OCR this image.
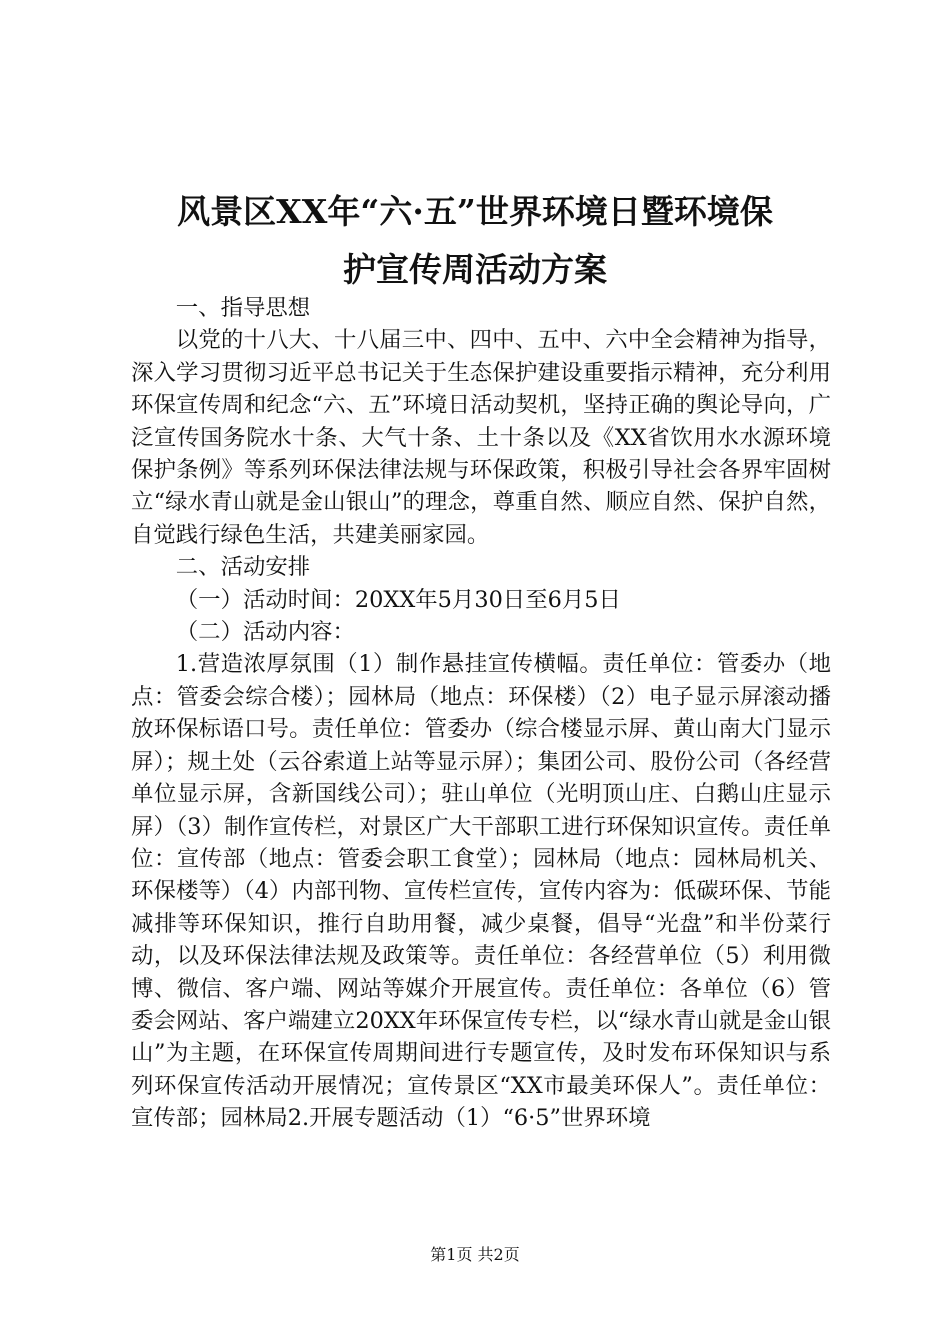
风景区XX年“六·五”世界环境日暨环境保
护宣传周活动方案

一、指导思想

以党的十八大、十八届三中、四中、五中、六中全会精神为指导，深入学习贯彻习近平总书记关于生态保护建设重要指示精神，充分利用环保宣传周和纪念“六、五”环境日活动契机，坚持正确的舆论导向，广泛宣传国务院水十条、大气十条、土十条以及《XX省饮用水水源环境保护条例》等系列环保法律法规与环保政策，积极引导社会各界牢固树立“绿水青山就是金山银山”的理念，尊重自然、顺应自然、保护自然，自觉践行绿色生活，共建美丽家园。

二、活动安排

（一）活动时间：20XX年5月30日至6月5日

（二）活动内容：

1.营造浓厚氛围（1）制作悬挂宣传横幅。责任单位：管委办（地点：管委会综合楼）；园林局（地点：环保楼）（2）电子显示屏滚动播放环保标语口号。责任单位：管委办（综合楼显示屏、黄山南大门显示屏）；规土处（云谷索道上站等显示屏）；集团公司、股份公司（各经营单位显示屏，含新国线公司）；驻山单位（光明顶山庄、白鹅山庄显示屏）（3）制作宣传栏，对景区广大干部职工进行环保知识宣传。责任单位：宣传部（地点：管委会职工食堂）；园林局（地点：园林局机关、环保楼等）（4）内部刊物、宣传栏宣传，宣传内容为：低碳环保、节能减排等环保知识，推行自助用餐，减少桌餐，倡导“光盘”和半份菜行动，以及环保法律法规及政策等。责任单位：各经营单位（5）利用微博、微信、客户端、网站等媒介开展宣传。责任单位：各单位（6）管委会网站、客户端建立20XX年环保宣传专栏，以“绿水青山就是金山银山”为主题，在环保宣传周期间进行专题宣传，及时发布环保知识与系列环保宣传活动开展情况；宣传景区“XX市最美环保人”。责任单位：宣传部；园林局2.开展专题活动（1）“6·5”世界环境

第1页 共2页
